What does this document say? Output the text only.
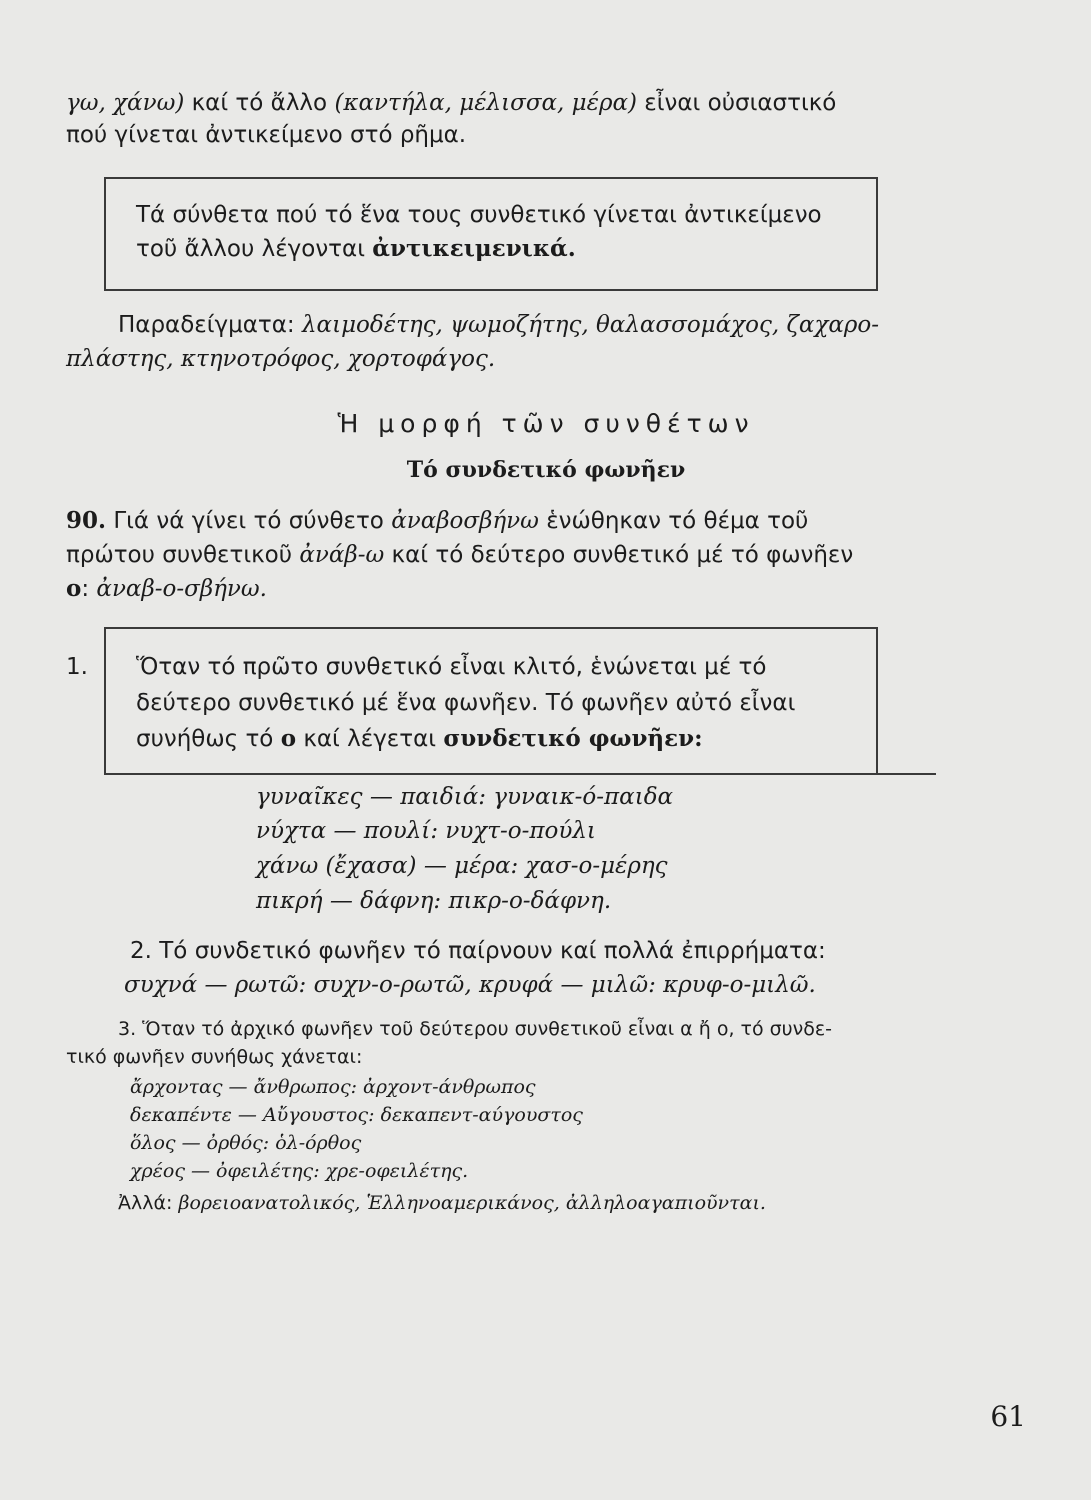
γω, χάνω) καί τό ἄλλο (καντήλα, μέλισσα, μέρα) εἶναι οὐσιαστικό
πού γίνεται ἀντικείμενο στό ρῆμα.
Τά σύνθετα πού τό ἕνα τους συνθετικό γίνεται ἀντικείμενο
τοῦ ἄλλου λέγονται ἀντικειμενικά.
Παραδείγματα: λαιμοδέτης, ψωμοζήτης, θαλασσομάχος, ζαχαρο-
πλάστης, κτηνοτρόφος, χορτοφάγος.
Ἡ μορφή τῶν συνθέτων
Τό συνδετικό φωνῆεν
90. Γιά νά γίνει τό σύνθετο ἀναβοσβήνω ἑνώθηκαν τό θέμα τοῦ
πρώτου συνθετικοῦ ἀνάβ-ω καί τό δεύτερο συνθετικό μέ τό φωνῆεν
ο: ἀναβ-ο-σβήνω.
1.	Ὅταν τό πρῶτο συνθετικό εἶναι κλιτό, ἑνώνεται μέ τό
δεύτερο συνθετικό μέ ἕνα φωνῆεν. Τό φωνῆεν αὐτό εἶναι
συνήθως τό ο καί λέγεται συνδετικό φωνῆεν:
γυναῖκες — παιδιά: γυναικ-ό-παιδα
νύχτα — πουλί: νυχτ-ο-πούλι
χάνω (ἔχασα) — μέρα: χασ-ο-μέρης
πικρή — δάφνη: πικρ-ο-δάφνη.
2. Τό συνδετικό φωνῆεν τό παίρνουν καί πολλά ἐπιρρήματα:
συχνά — ρωτῶ: συχν-ο-ρωτῶ, κρυφά — μιλῶ: κρυφ-ο-μιλῶ.
3. Ὅταν τό ἀρχικό φωνῆεν τοῦ δεύτερου συνθετικοῦ εἶναι α ἤ ο, τό συνδε-
τικό φωνῆεν συνήθως χάνεται:
ἄρχοντας — ἄνθρωπος: ἀρχοντ-άνθρωπος
δεκαπέντε — Αὔγουστος: δεκαπεντ-αύγουστος
ὅλος — ὀρθός: ὁλ-όρθος
χρέος — ὀφειλέτης: χρε-οφειλέτης.
Ἀλλά: βορειοανατολικός, Ἑλληνοαμερικάνος, ἀλληλοαγαπιοῦνται.
61
